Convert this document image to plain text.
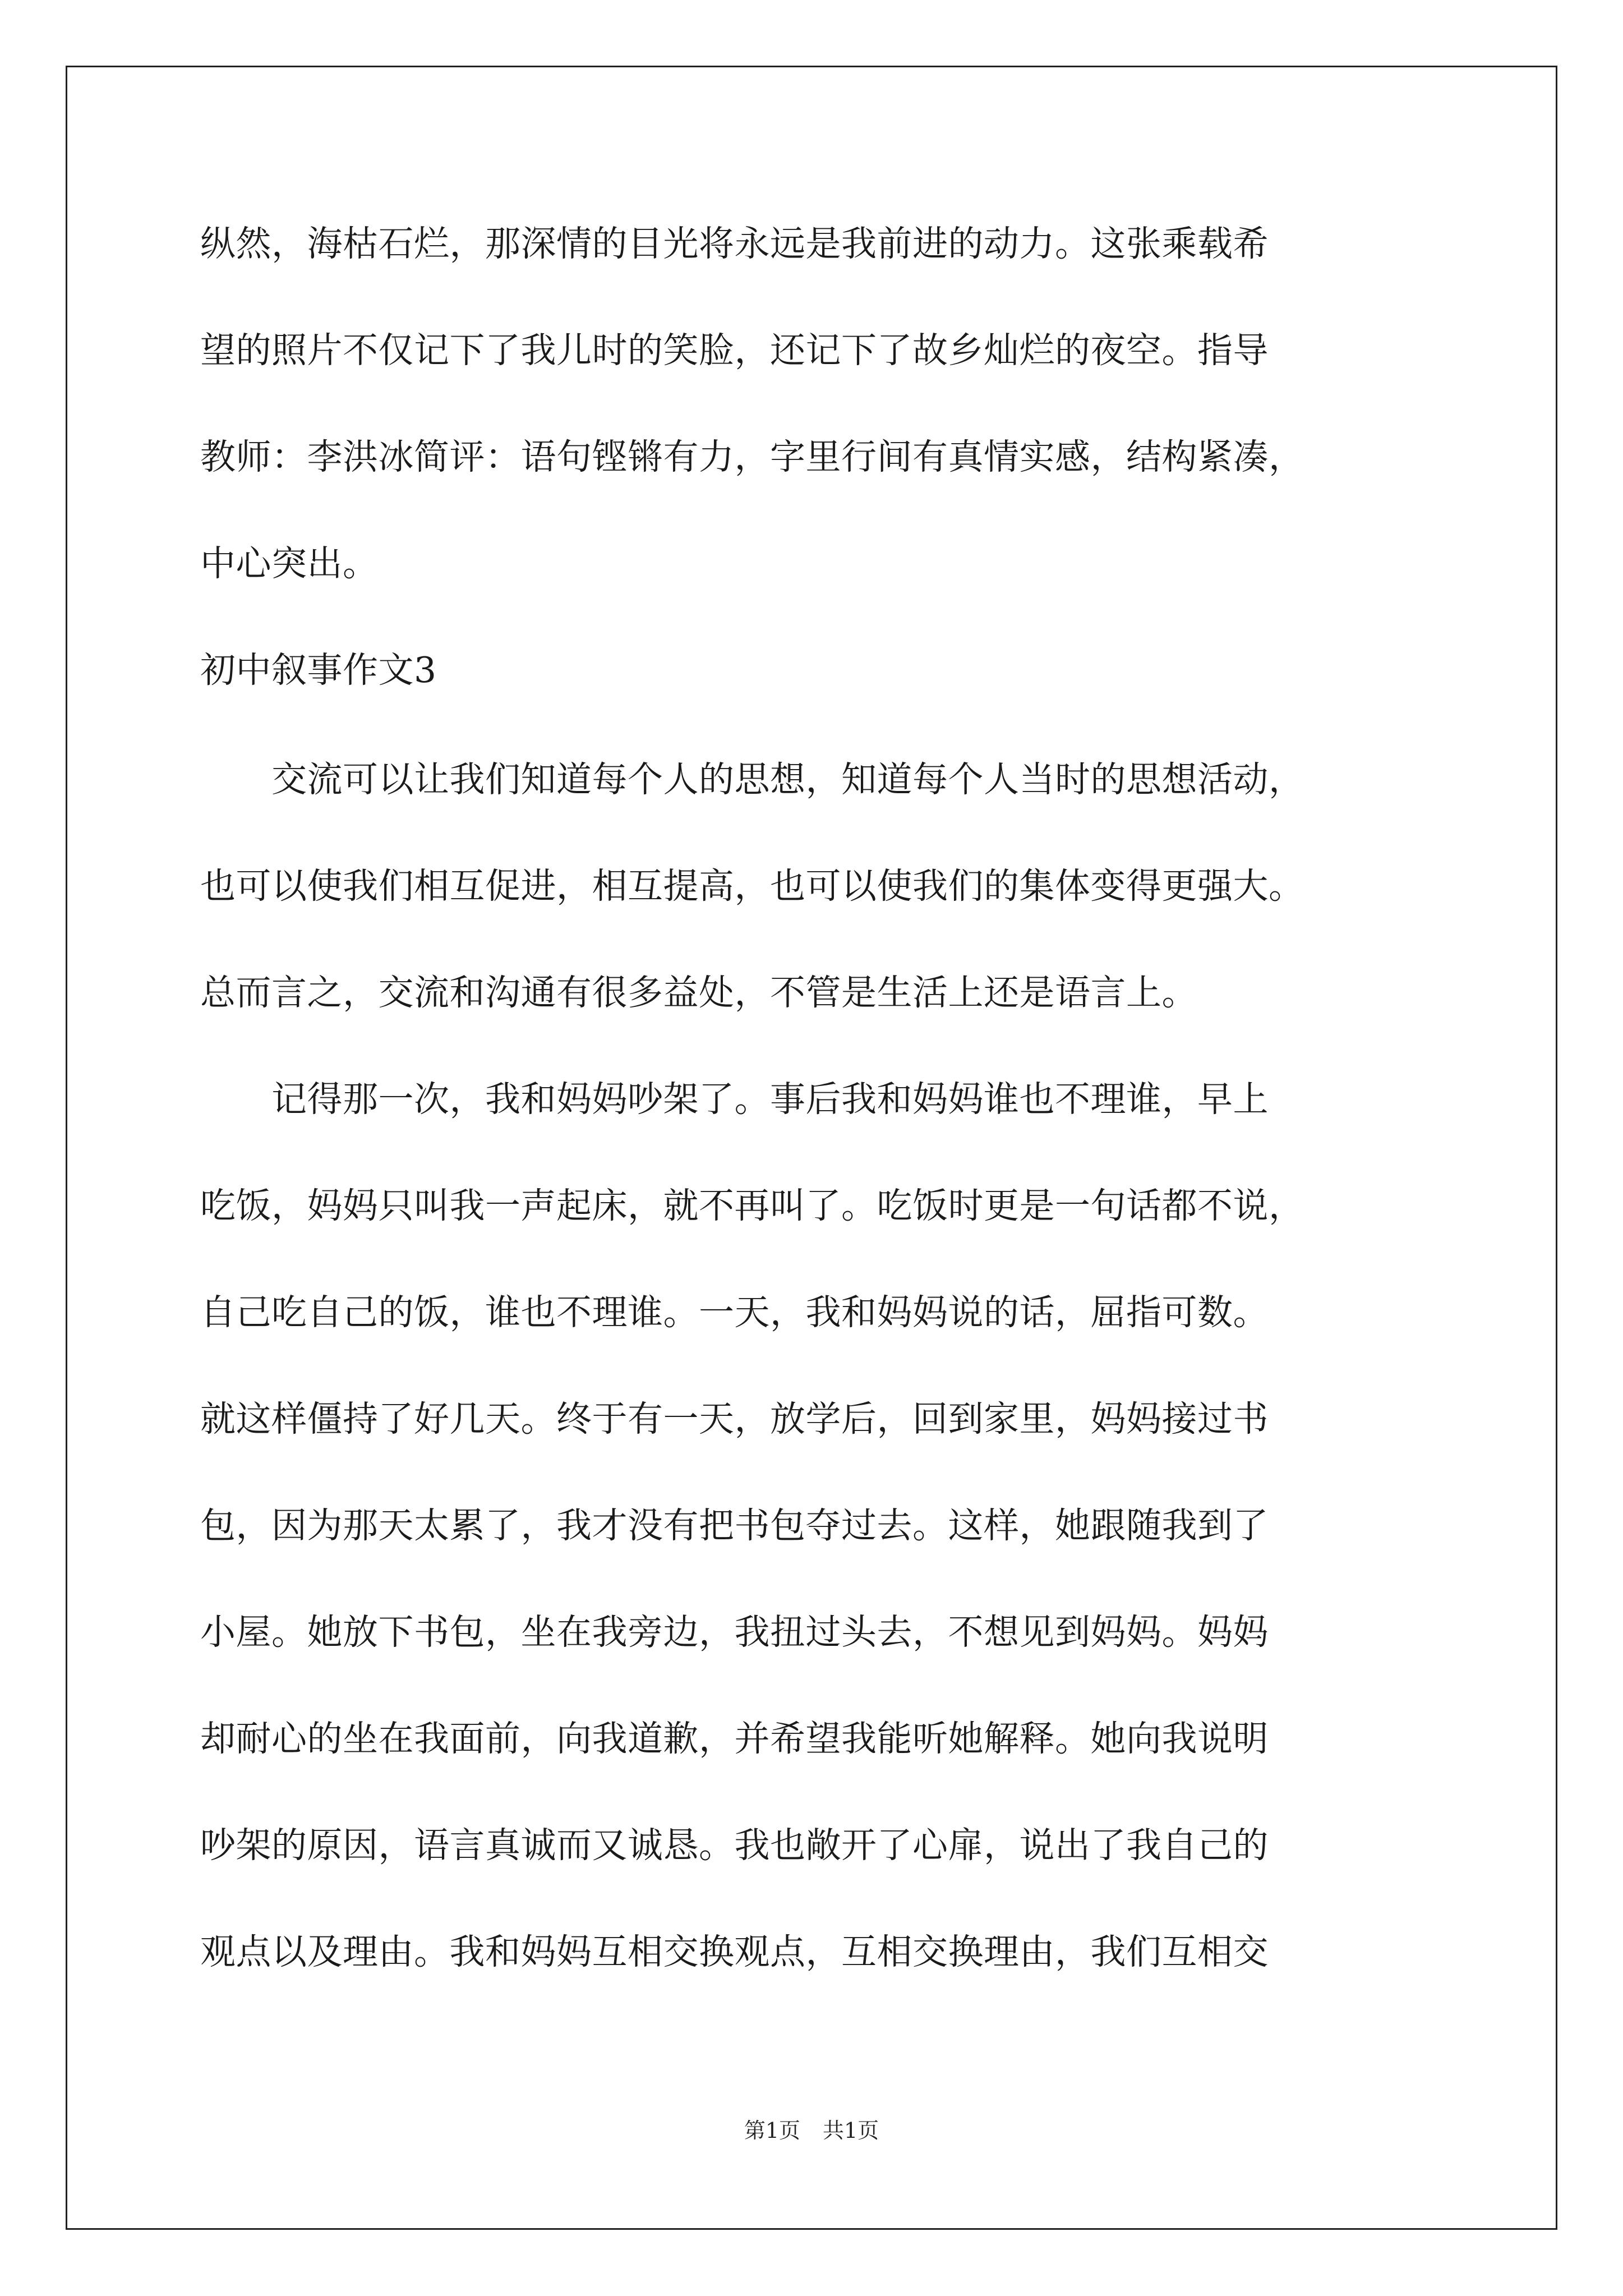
纵然，海枯石烂，那深情的目光将永远是我前进的动力。这张乘载希
望的照片不仅记下了我儿时的笑脸，还记下了故乡灿烂的夜空。指导
教师：李洪冰简评：语句铿锵有力，字里行间有真情实感，结构紧凑，
中心突出。
初中叙事作文3
　　交流可以让我们知道每个人的思想，知道每个人当时的思想活动，
也可以使我们相互促进，相互提高，也可以使我们的集体变得更强大。
总而言之，交流和沟通有很多益处，不管是生活上还是语言上。
　　记得那一次，我和妈妈吵架了。事后我和妈妈谁也不理谁，早上
吃饭，妈妈只叫我一声起床，就不再叫了。吃饭时更是一句话都不说，
自己吃自己的饭，谁也不理谁。一天，我和妈妈说的话，屈指可数。
就这样僵持了好几天。终于有一天，放学后，回到家里，妈妈接过书
包，因为那天太累了，我才没有把书包夺过去。这样，她跟随我到了
小屋。她放下书包，坐在我旁边，我扭过头去，不想见到妈妈。妈妈
却耐心的坐在我面前，向我道歉，并希望我能听她解释。她向我说明
吵架的原因，语言真诚而又诚恳。我也敞开了心扉，说出了我自己的
观点以及理由。我和妈妈互相交换观点，互相交换理由，我们互相交
第1页 共1页
